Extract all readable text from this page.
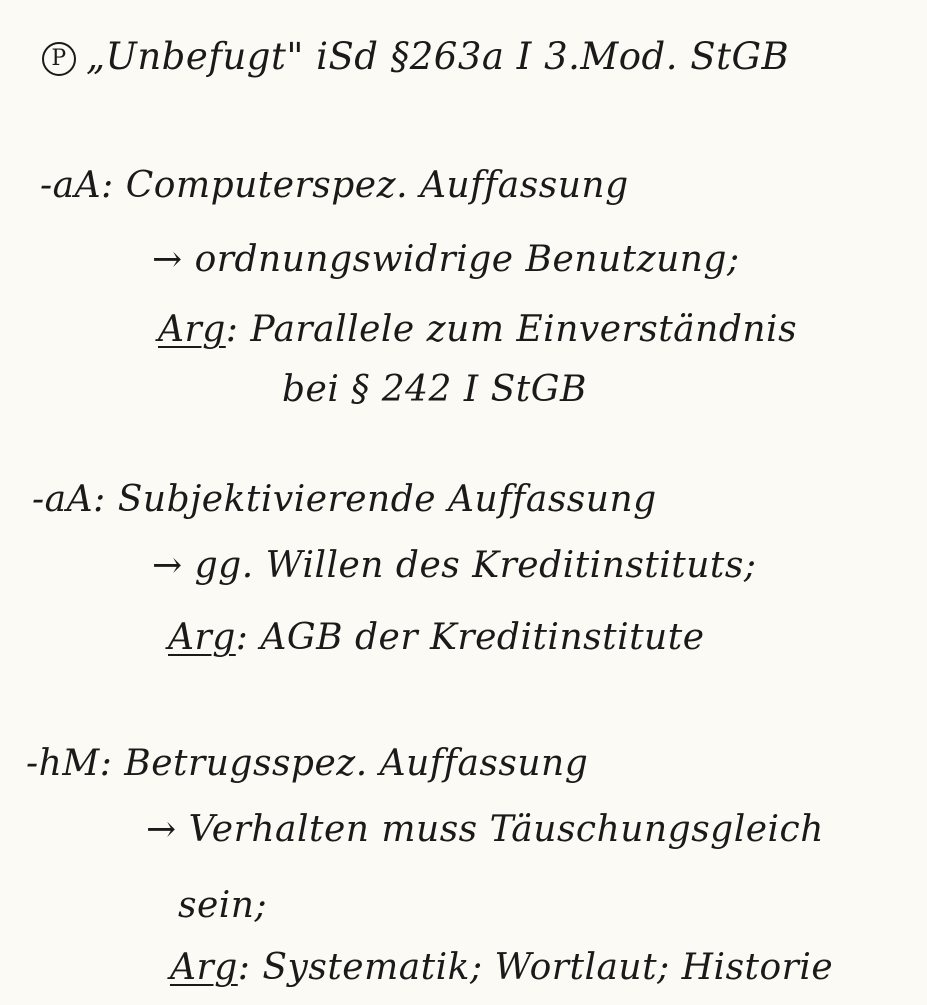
P „Unbefugt" iSd §263a I 3.Mod. StGB
-aA: Computerspez. Auffassung
→ ordnungswidrige Benutzung;
Arg: Parallele zum Einverständnis
bei § 242 I StGB
-aA: Subjektivierende Auffassung
→ gg. Willen des Kreditinstituts;
Arg: AGB der Kreditinstitute
-hM: Betrugsspez. Auffassung
→ Verhalten muss Täuschungsgleich
sein;
Arg: Systematik; Wortlaut; Historie
